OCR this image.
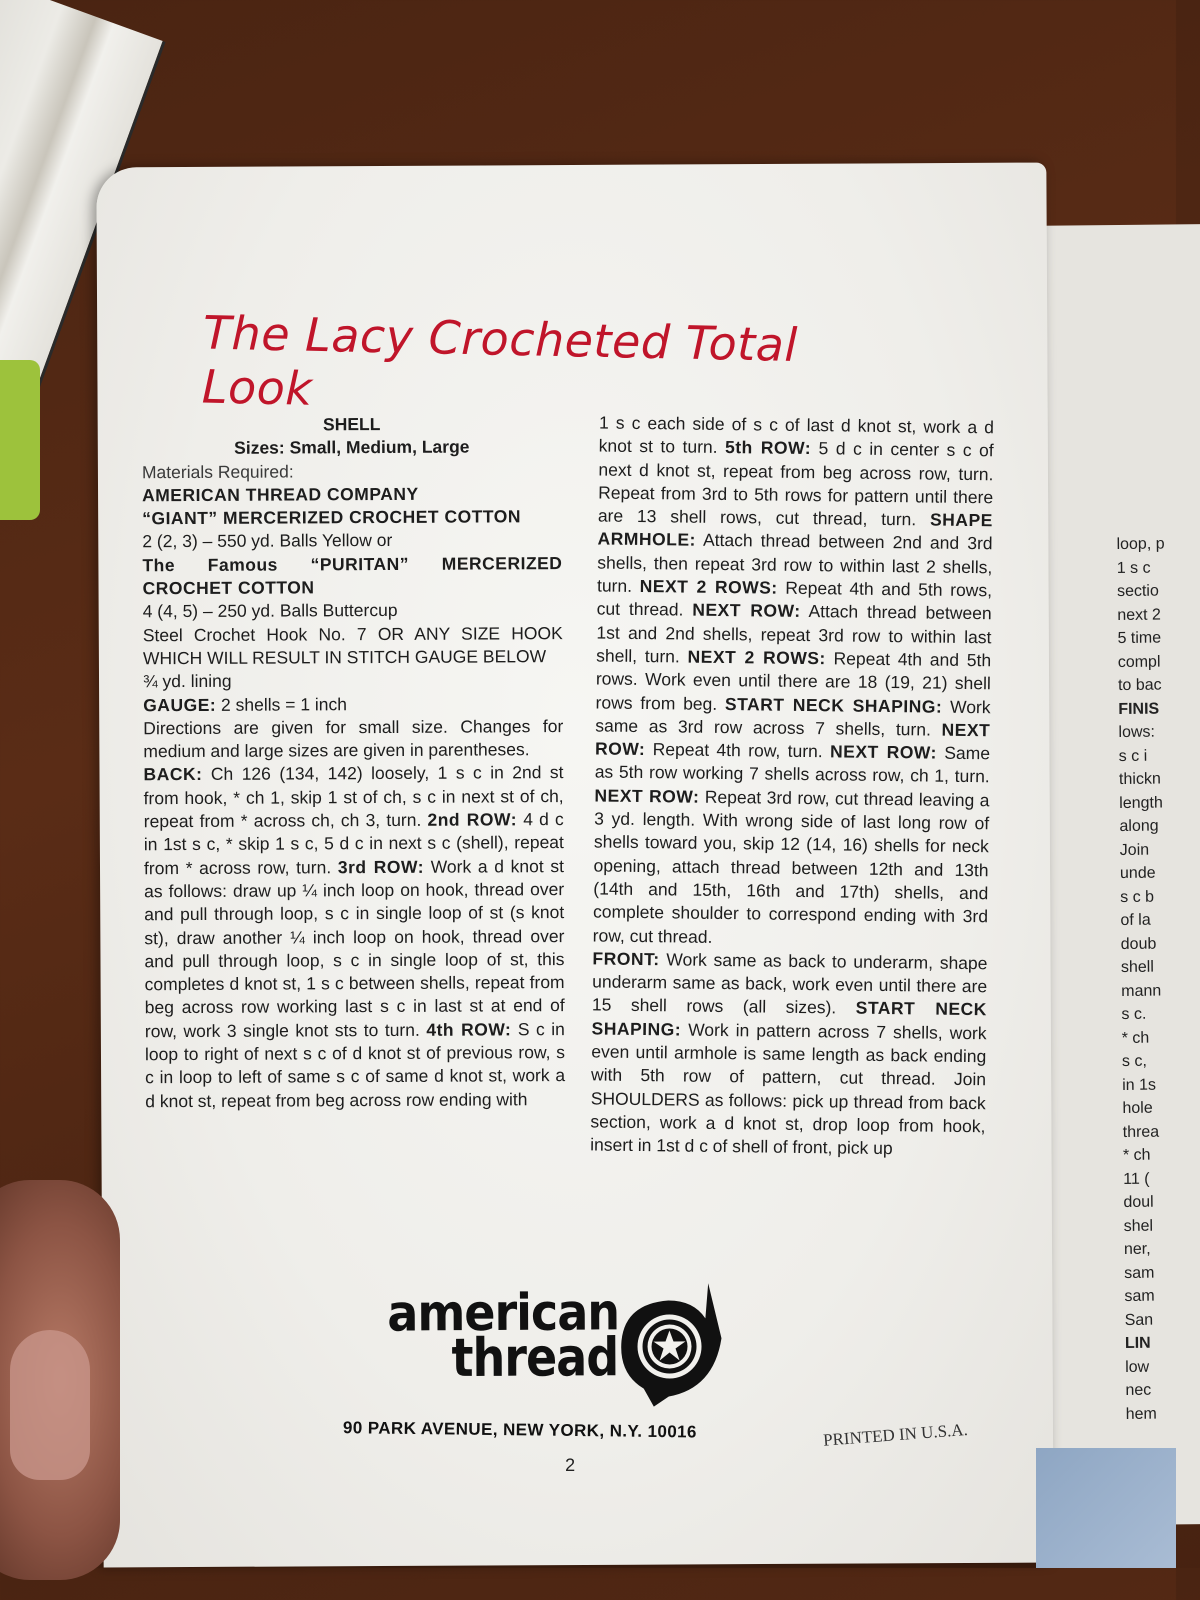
loop, p
1 s c
sectio
next 2
5 time
compl
to bac
FINIS
lows:
s c i
thickn
length
along
Join
unde
s c b
of la
doub
shell
mann
s c.
* ch
s c,
in 1s
hole
threa
* ch
11 (
doul
shel
ner,
sam
sam
San
LIN
low
nec
hem
The Lacy Crocheted Total Look
SHELL
Sizes: Small, Medium, Large
Materials Required:
AMERICAN THREAD COMPANY
“GIANT” MERCERIZED CROCHET COTTON
2 (2, 3) – 550 yd. Balls Yellow or
The Famous “PURITAN” MERCERIZED CROCHET COTTON
4 (4, 5) – 250 yd. Balls Buttercup
Steel Crochet Hook No. 7 OR ANY SIZE HOOK WHICH WILL RESULT IN STITCH GAUGE BELOW
¾ yd. lining
GAUGE: 2 shells = 1 inch
Directions are given for small size. Changes for medium and large sizes are given in parentheses.
BACK: Ch 126 (134, 142) loosely, 1 s c in 2nd st from hook, * ch 1, skip 1 st of ch, s c in next st of ch, repeat from * across ch, ch 3, turn. 2nd ROW: 4 d c in 1st s c, * skip 1 s c, 5 d c in next s c (shell), repeat from * across row, turn. 3rd ROW: Work a d knot st as follows: draw up ¼ inch loop on hook, thread over and pull through loop, s c in single loop of st (s knot st), draw another ¼ inch loop on hook, thread over and pull through loop, s c in single loop of st, this completes d knot st, 1 s c between shells, repeat from beg across row working last s c in last st at end of row, work 3 single knot sts to turn. 4th ROW: S c in loop to right of next s c of d knot st of previous row, s c in loop to left of same s c of same d knot st, work a d knot st, repeat from beg across row ending with
1 s c each side of s c of last d knot st, work a d knot st to turn. 5th ROW: 5 d c in center s c of next d knot st, repeat from beg across row, turn. Repeat from 3rd to 5th rows for pattern until there are 13 shell rows, cut thread, turn. SHAPE ARMHOLE: Attach thread between 2nd and 3rd shells, then repeat 3rd row to within last 2 shells, turn. NEXT 2 ROWS: Repeat 4th and 5th rows, cut thread. NEXT ROW: Attach thread between 1st and 2nd shells, repeat 3rd row to within last shell, turn. NEXT 2 ROWS: Repeat 4th and 5th rows. Work even until there are 18 (19, 21) shell rows from beg. START NECK SHAPING: Work same as 3rd row across 7 shells, turn. NEXT ROW: Repeat 4th row, turn. NEXT ROW: Same as 5th row working 7 shells across row, ch 1, turn. NEXT ROW: Repeat 3rd row, cut thread leaving a 3 yd. length. With wrong side of last long row of shells toward you, skip 12 (14, 16) shells for neck opening, attach thread between 12th and 13th (14th and 15th, 16th and 17th) shells, and complete shoulder to correspond ending with 3rd row, cut thread.
FRONT: Work same as back to underarm, shape underarm same as back, work even until there are 15 shell rows (all sizes). START NECK SHAPING: Work in pattern across 7 shells, work even until armhole is same length as back ending with 5th row of pattern, cut thread. Join SHOULDERS as follows: pick up thread from back section, work a d knot st, drop loop from hook, insert in 1st d c of shell of front, pick up
american
thread
90 PARK AVENUE, NEW YORK, N.Y. 10016	PRINTED IN U.S.A.
2
